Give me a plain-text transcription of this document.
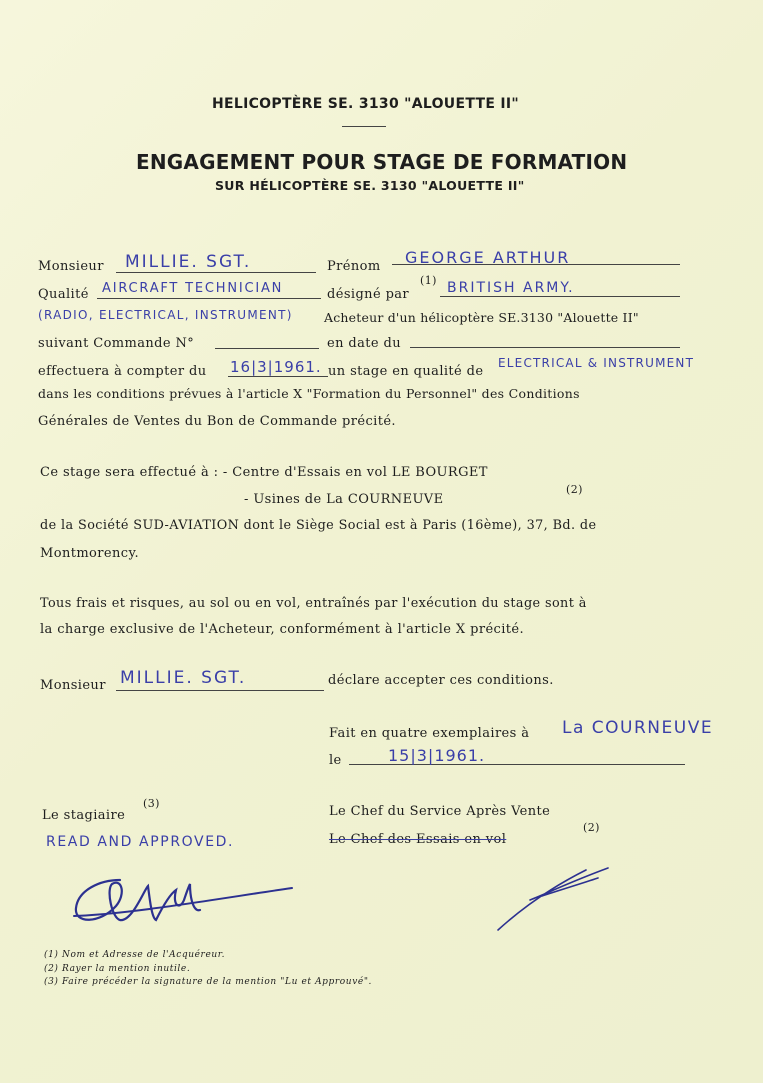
HELICOPTÈRE SE. 3130 "ALOUETTE II"
ENGAGEMENT POUR STAGE DE FORMATION
SUR HÉLICOPTÈRE SE. 3130 "ALOUETTE II"
Monsieur MILLIE. SGT.	Prénom GEORGE ARTHUR
Qualité AIRCRAFT TECHNICIAN	désigné par
(1) BRITISH ARMY.
(RADIO, ELECTRICAL, INSTRUMENT)	Acheteur d'un hélicoptère SE.3130 "Alouette II"
suivant Commande N°	en date du
effectuera à compter du 16|3|1961. un stage en qualité de
ELECTRICAL & INSTRUMENT
dans les conditions prévues à l'article X "Formation du Personnel" des Conditions
Générales de Ventes du Bon de Commande précité.
Ce stage sera effectué à : - Centre d'Essais en vol LE BOURGET
- Usines de La COURNEUVE
(2)
de la Société SUD-AVIATION dont le Siège Social est à Paris (16ème), 37, Bd. de
Montmorency.
Tous frais et risques, au sol ou en vol, entraînés par l'exécution du stage sont à
la charge exclusive de l'Acheteur, conformément à l'article X précité.
Monsieur MILLIE. SGT.	déclare accepter ces conditions.
Fait en quatre exemplaires à La COURNEUVE
le	15|3|1961.
Le stagiaire
(3)
READ AND APPROVED.
Le Chef du Service Après Vente
Le Chef des Essais en vol
(2)
(1) Nom et Adresse de l'Acquéreur.
(2) Rayer la mention inutile.
(3) Faire précéder la signature de la mention "Lu et Approuvé".
